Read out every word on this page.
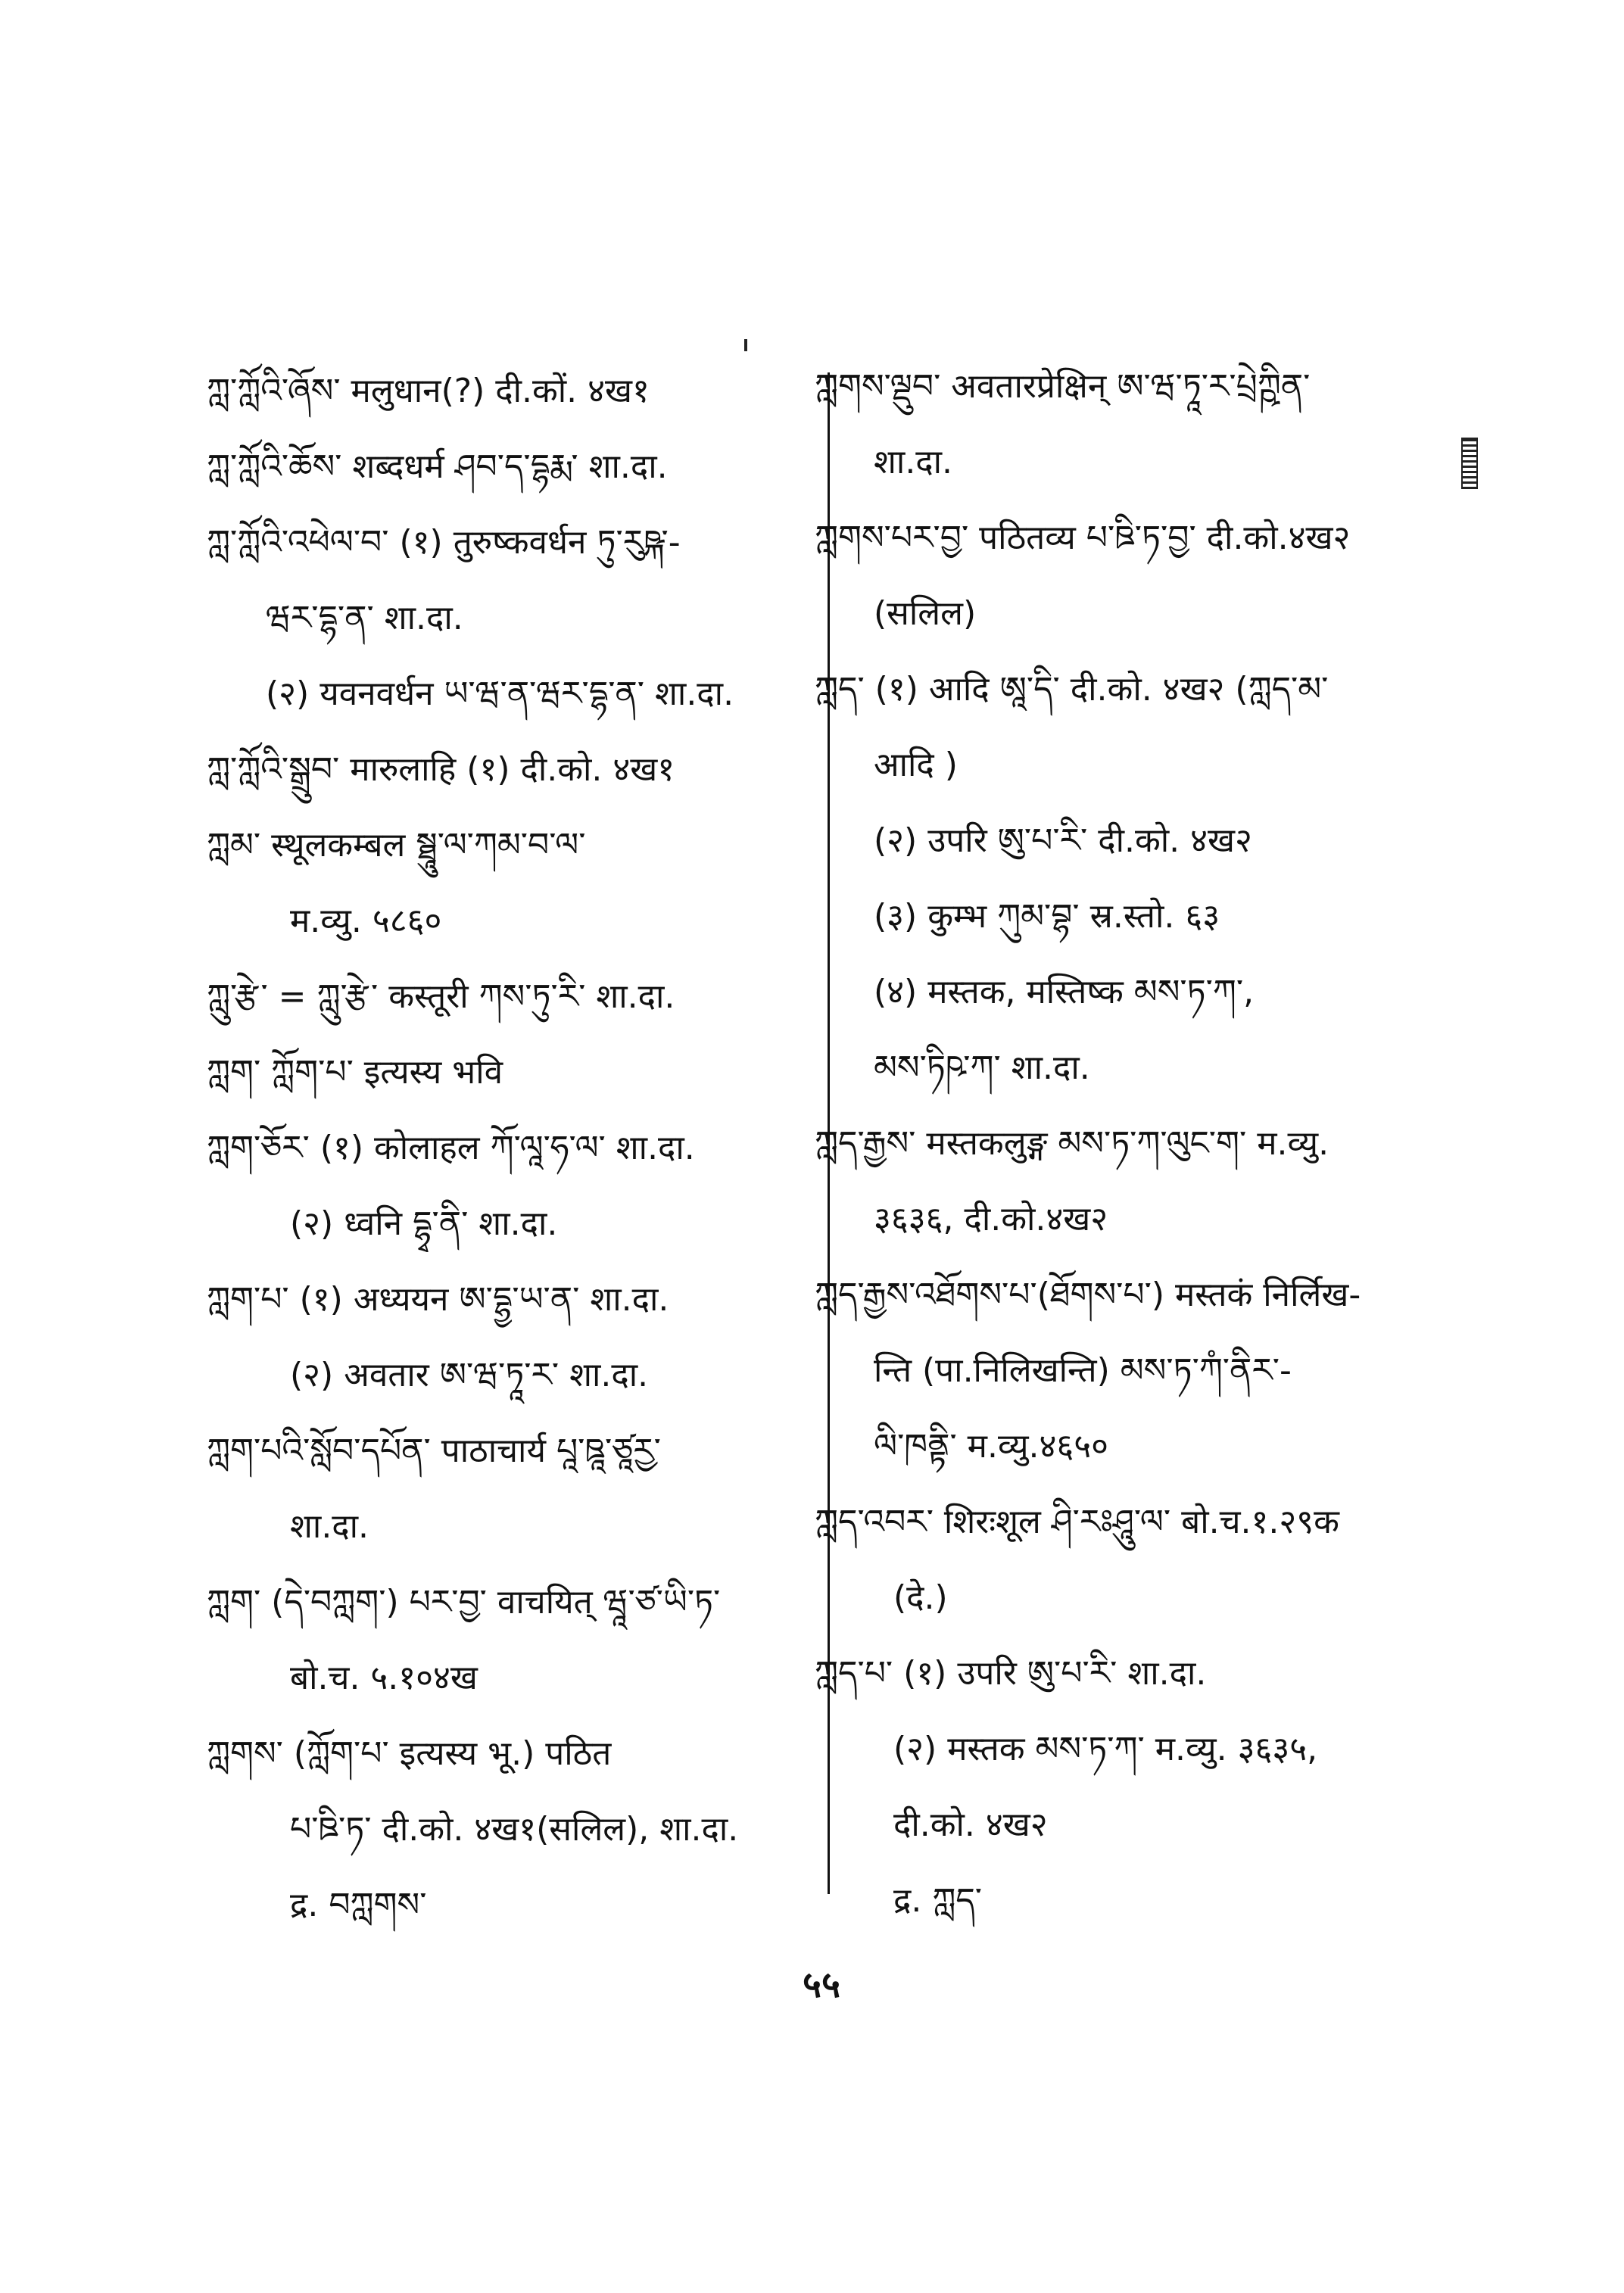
ཀླ་ཀློའི་ཞོས་ मलुधान(?) दी.कों. ४ख१
ཀླ་ཀློའི་ཆོས་ शब्दधर्म ཤབ་ད་དྷརྨ་ शा.दा.
ཀླ་ཀློའི་འཕེལ་བ་ (१) तुरुष्कवर्धन ཏུ་རུཥྐ་-
ཝར་དྷ་ན་ शा.दा.
(२) यवनवर्धन ཡ་ཝ་ན་ཝར་དྷ་ན་ शा.दा.
ཀླ་ཀློའི་སྒྲུབ་ मारुलाहि (१) दी.को. ४ख१
ཀླམ་ स्थूलकम्बल སྠཱུ་ལ་ཀམ་བ་ལ་
म.व्यु. ५८६०
ཀླུ་རྩེ་ = ཀླུ་རྩེ་ कस्तूरी ཀས་ཏུ་རི་ शा.दा.
ཀླག་ ཀློག་པ་ इत्यस्य भवि
ཀླག་ཅོར་ (१) कोलाहल ཀོ་ལཱ་ཧ་ལ་ शा.दा.
(२) ध्वनि དྷྭ་ནི་ शा.दा.
ཀླག་པ་ (१) अध्ययन ཨ་དྷྱ་ཡ་ན་ शा.दा.
(२) अवतार ཨ་ཝ་ཏཱ་ར་ शा.दा.
ཀླག་པའི་སློབ་དཔོན་ पाठाचार्य པཱ་ཋཱ་ཙཱརྱ་
शा.दा.
ཀླག་ (དེ་བཀླག་) པར་བྱ་ वाचयित् ཝཱ་ཙ་ཡི་ཏ་
बो.च. ५.१०४ख
ཀླགས་ (ཀློག་པ་ इत्यस्य भू.) पठित
པ་ཋི་ཏ་ दी.को. ४ख१(सलिल), शा.दा.
द्र. བཀླགས་
ཀླགས་ལྡུབ་ अवतारप्रेक्षिन् ཨ་ཝ་ཏཱ་ར་པྲེཀྵིན་
शा.दा.
ཀླགས་པར་བྱ་ पठितव्य པ་ཋི་ཏ་བྱ་ दी.को.४ख२
(सलिल)
ཀླད་ (१) आदि ཨཱ་དི་ दी.को. ४ख२ (ཀླད་མ་
आदि )
(२) उपरि ཨུ་པ་རི་ दी.को. ४ख२
(३) कुम्भ ཀུམ་བྷ་ स्र.स्तो. ६३
(४) मस्तक, मस्तिष्क མས་ཏ་ཀ་,
མས་ཏིཥ་ཀ་ शा.दा.
ཀླད་རྒྱས་ मस्तकलुङ्ग མས་ཏ་ཀ་ལུང་ག་ म.व्यु.
३६३६, दी.को.४ख२
ཀླད་རྒྱས་འཐོགས་པ་(ཐོགས་པ་) मस्तकं निर्लिख-
न्ति (पा.निलिखन्ति) མས་ཏ་ཀཾ་ནིར་-
ལི་ཁནྟི་ म.व्यु.४६५०
ཀླད་འབར་ शिरःशूल ཤི་རཿཤཱུ་ལ་ बो.च.१.२९क
(दे.)
ཀླད་པ་ (१) उपरि ཨུ་པ་རི་ शा.दा.
(२) मस्तक མས་ཏ་ཀ་ म.व्यु. ३६३५,
दी.को. ४ख२
द्र. ཀླད་
५५
